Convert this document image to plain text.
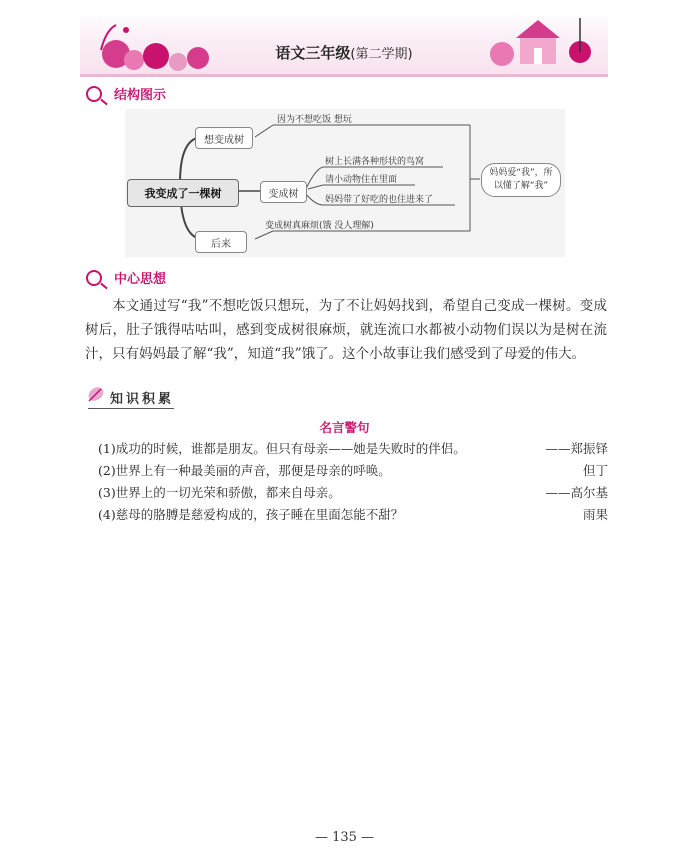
语文三年级(第二学期)
结构图示
我变成了一棵树
想变成树
变成树
后来
因为不想吃饭 想玩
树上长满各种形状的鸟窝
请小动物住在里面
妈妈带了好吃的也住进来了
变成树真麻烦(饿 没人理解)
妈妈爱“我”，所以懂了解“我”
中心思想
本文通过写“我”不想吃饭只想玩，为了不让妈妈找到，希望自己变成一棵树。变成树后，肚子饿得咕咕叫，感到变成树很麻烦，就连流口水都被小动物们误以为是树在流汁，只有妈妈最了解“我”，知道“我”饿了。这个小故事让我们感受到了母爱的伟大。
知识积累
名言警句
(1)成功的时候，谁都是朋友。但只有母亲——她是失败时的伴侣。	——郑振铎
(2)世界上有一种最美丽的声音，那便是母亲的呼唤。	但丁
(3)世界上的一切光荣和骄傲，都来自母亲。	——高尔基
(4)慈母的胳膊是慈爱构成的，孩子睡在里面怎能不甜？	雨果
— 135 —
